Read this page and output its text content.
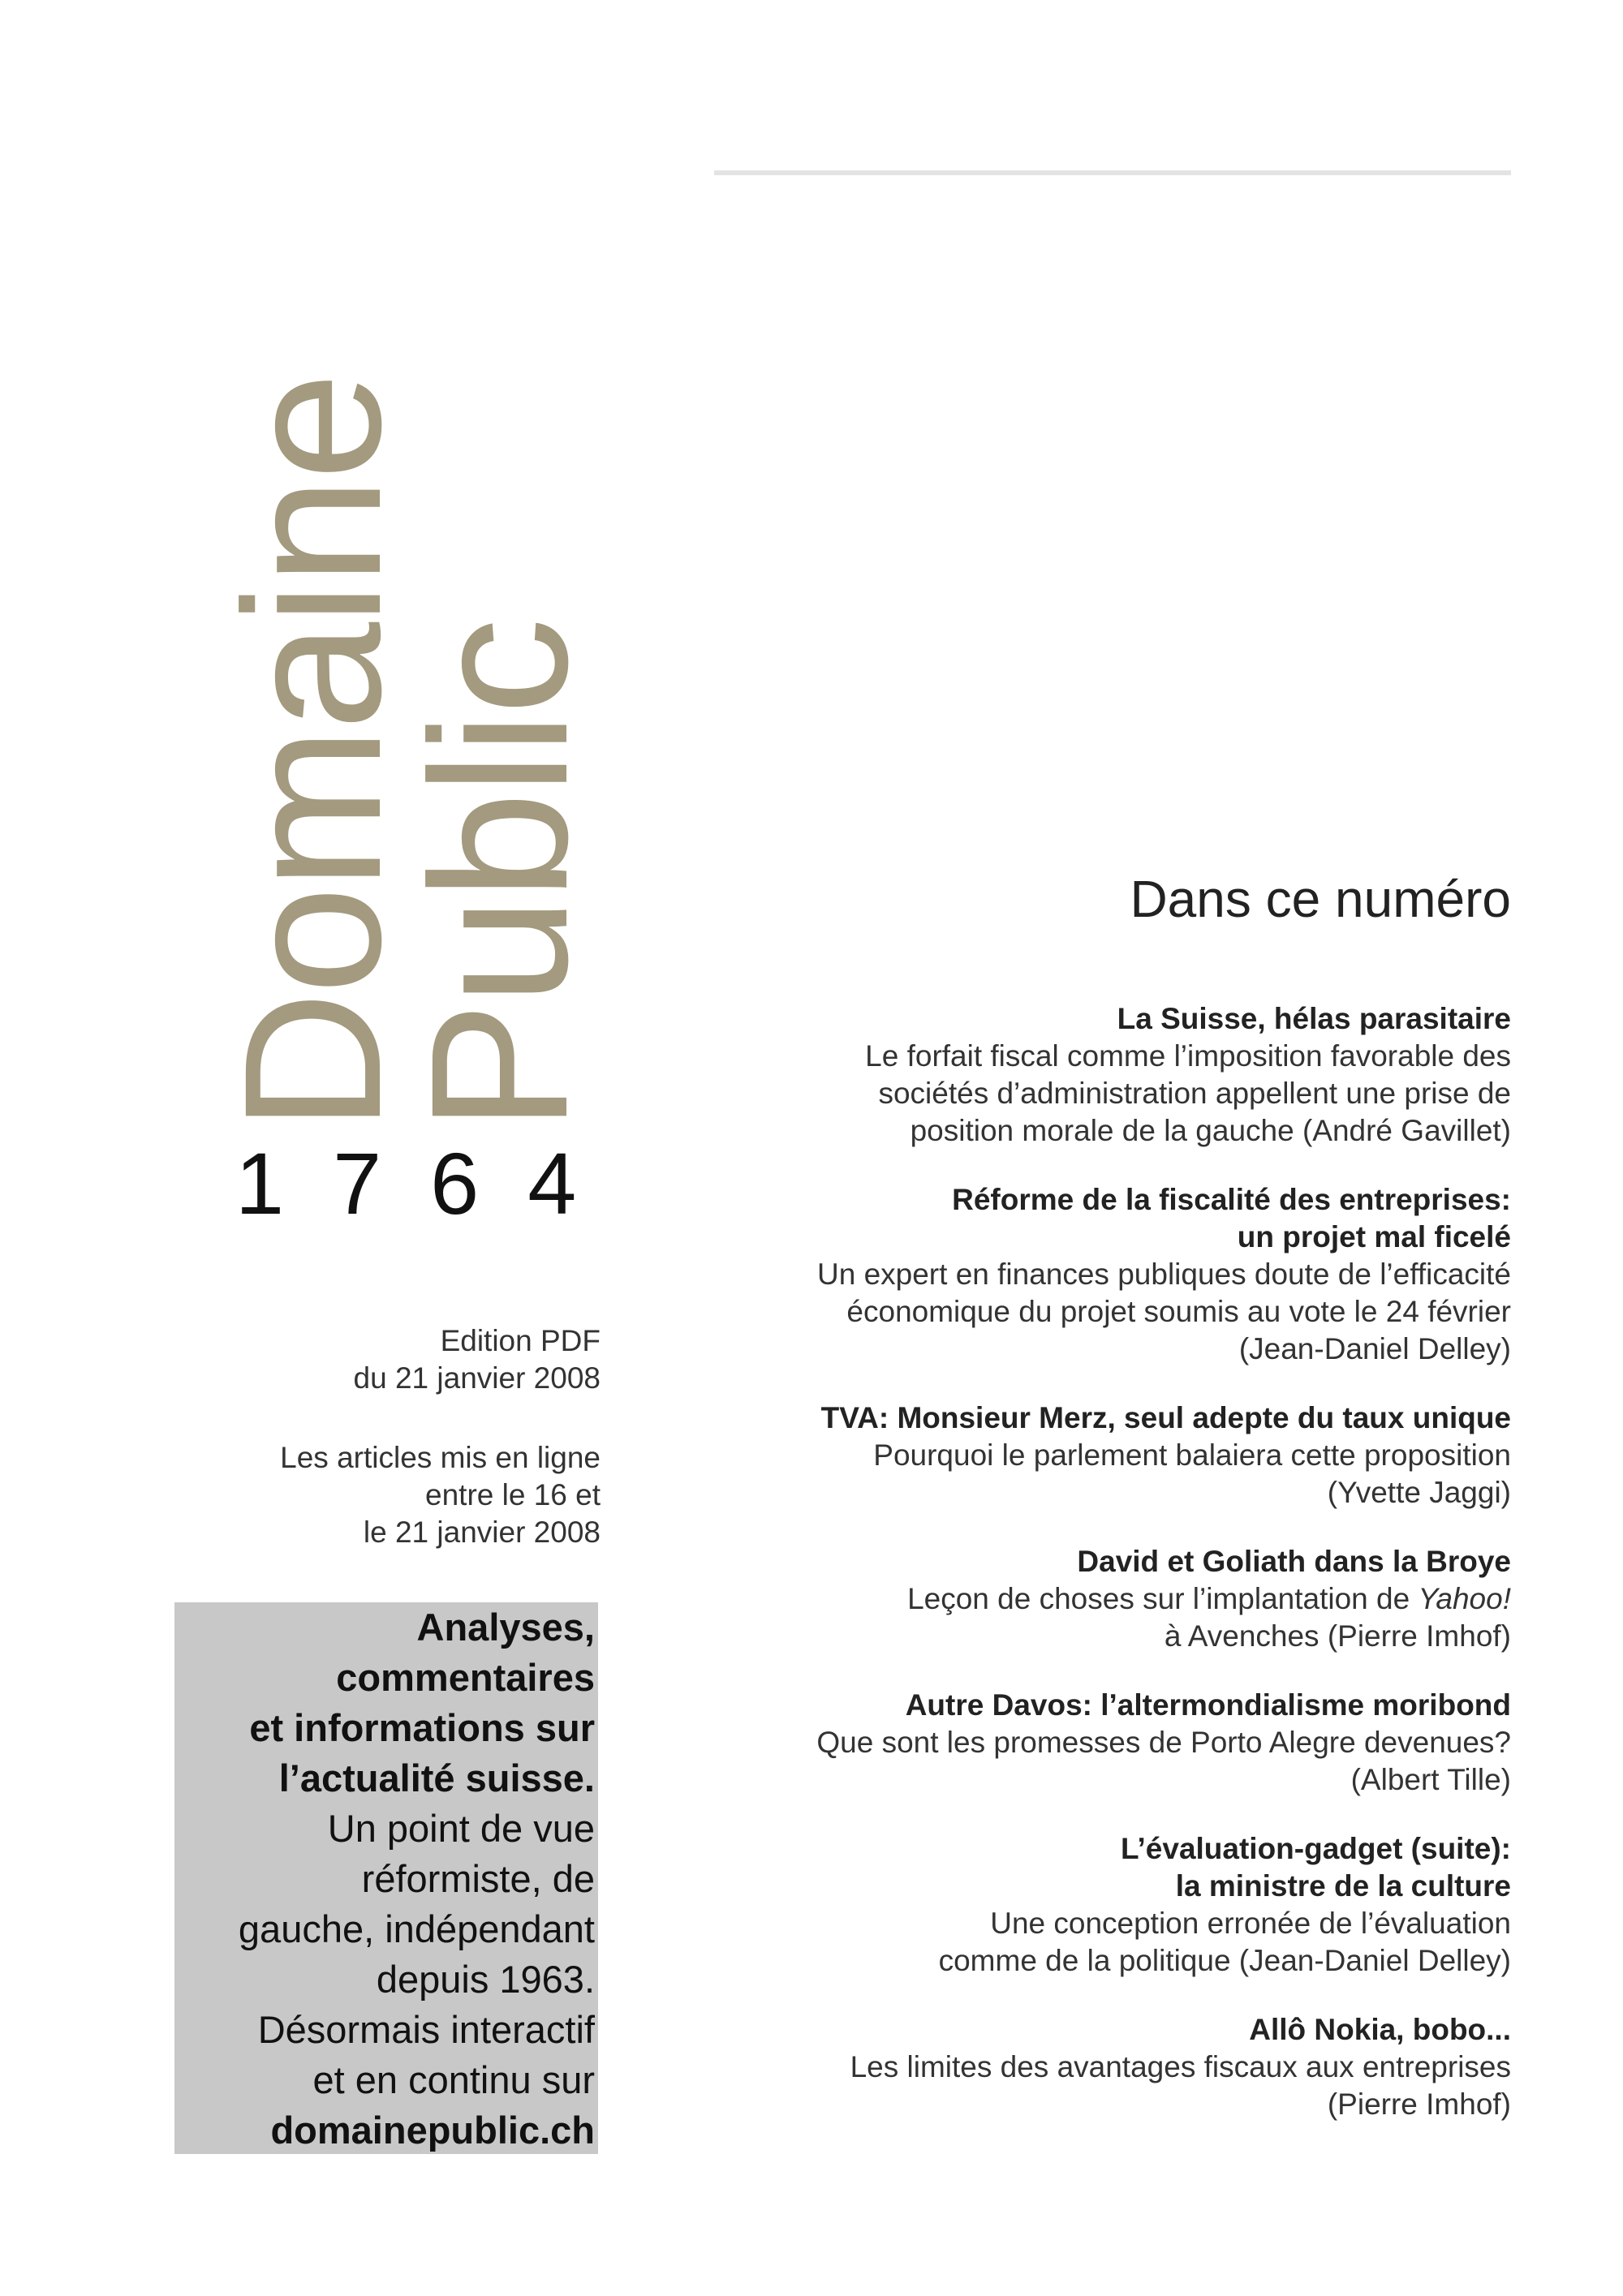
Domaine
Public
1764
Edition PDF
du 21 janvier 2008
Les articles mis en ligne
entre le 16 et
le 21 janvier 2008
Analyses,
commentaires
et informations sur
l’actualité suisse.
Un point de vue
réformiste, de
gauche, indépendant
depuis 1963.
Désormais interactif
et en continu sur
domainepublic.ch
Dans ce numéro
La Suisse, hélas parasitaire
Le forfait fiscal comme l’imposition favorable des
sociétés d’administration appellent une prise de
position morale de la gauche (André Gavillet)
Réforme de la fiscalité des entreprises:
un projet mal ficelé
Un expert en finances publiques doute de l’efficacité
économique du projet soumis au vote le 24 février
(Jean-Daniel Delley)
TVA: Monsieur Merz, seul adepte du taux unique
Pourquoi le parlement balaiera cette proposition
(Yvette Jaggi)
David et Goliath dans la Broye
Leçon de choses sur l’implantation de Yahoo!
à Avenches (Pierre Imhof)
Autre Davos: l’altermondialisme moribond
Que sont les promesses de Porto Alegre devenues?
(Albert Tille)
L’évaluation-gadget (suite):
la ministre de la culture
Une conception erronée de l’évaluation
comme de la politique (Jean-Daniel Delley)
Allô Nokia, bobo...
Les limites des avantages fiscaux aux entreprises
(Pierre Imhof)
